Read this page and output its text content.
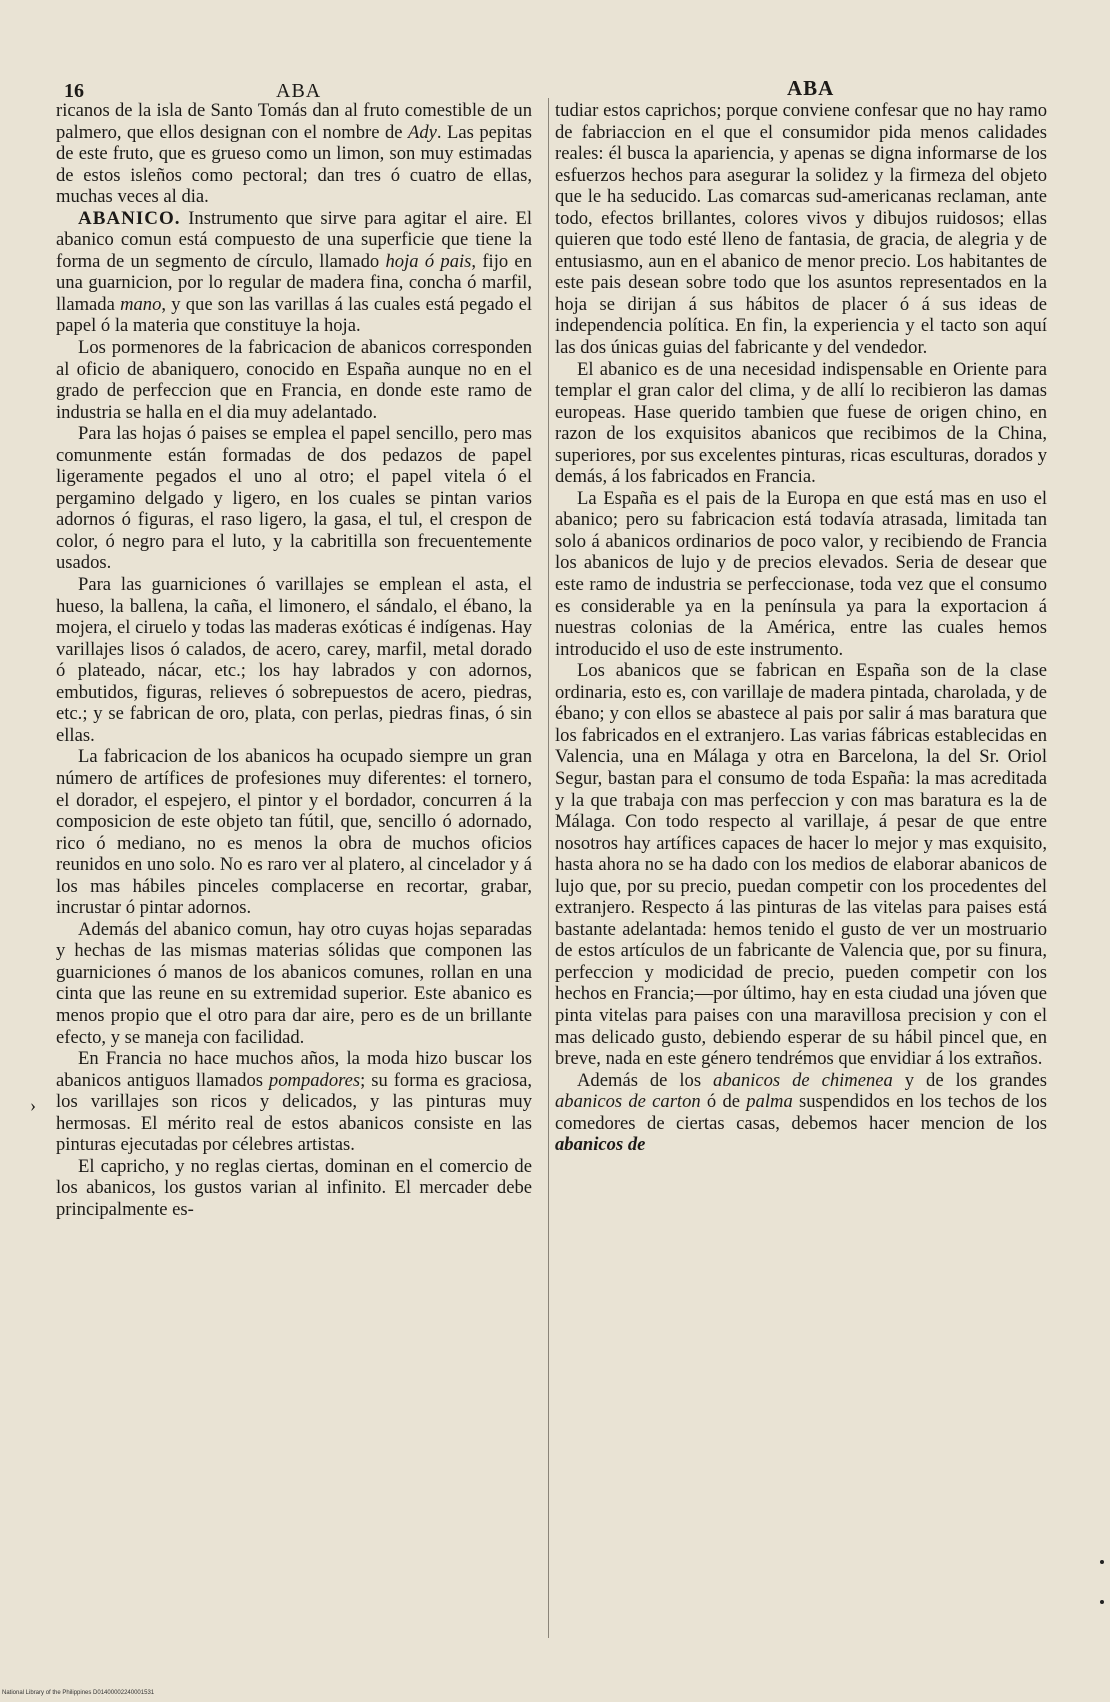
16	ABA	ABA

ricanos de la isla de Santo Tomás dan al fruto comestible de un palmero, que ellos designan con el nombre de Ady. Las pepitas de este fruto, que es grueso como un limon, son muy estimadas de estos isleños como pectoral; dan tres ó cuatro de ellas, muchas veces al dia.

ABANICO. Instrumento que sirve para agitar el aire. El abanico comun está compuesto de una superficie que tiene la forma de un segmento de círculo, llamado hoja ó pais, fijo en una guarnicion, por lo regular de madera fina, concha ó marfil, llamada mano, y que son las varillas á las cuales está pegado el papel ó la materia que constituye la hoja.

Los pormenores de la fabricacion de abanicos corresponden al oficio de abaniquero, conocido en España aunque no en el grado de perfeccion que en Francia, en donde este ramo de industria se halla en el dia muy adelantado.

Para las hojas ó paises se emplea el papel sencillo, pero mas comunmente están formadas de dos pedazos de papel ligeramente pegados el uno al otro; el papel vitela ó el pergamino delgado y ligero, en los cuales se pintan varios adornos ó figuras, el raso ligero, la gasa, el tul, el crespon de color, ó negro para el luto, y la cabritilla son frecuentemente usados.

Para las guarniciones ó varillajes se emplean el asta, el hueso, la ballena, la caña, el limonero, el sándalo, el ébano, la mojera, el ciruelo y todas las maderas exóticas é indígenas. Hay varillajes lisos ó calados, de acero, carey, marfil, metal dorado ó plateado, nácar, etc.; los hay labrados y con adornos, embutidos, figuras, relieves ó sobrepuestos de acero, piedras, etc.; y se fabrican de oro, plata, con perlas, piedras finas, ó sin ellas.

La fabricacion de los abanicos ha ocupado siempre un gran número de artífices de profesiones muy diferentes: el tornero, el dorador, el espejero, el pintor y el bordador, concurren á la composicion de este objeto tan fútil, que, sencillo ó adornado, rico ó mediano, no es menos la obra de muchos oficios reunidos en uno solo. No es raro ver al platero, al cincelador y á los mas hábiles pinceles complacerse en recortar, grabar, incrustar ó pintar adornos.

Además del abanico comun, hay otro cuyas hojas separadas y hechas de las mismas materias sólidas que componen las guarniciones ó manos de los abanicos comunes, rollan en una cinta que las reune en su extremidad superior. Este abanico es menos propio que el otro para dar aire, pero es de un brillante efecto, y se maneja con facilidad.

En Francia no hace muchos años, la moda hizo buscar los abanicos antiguos llamados pompadores; su forma es graciosa, los varillajes son ricos y delicados, y las pinturas muy hermosas. El mérito real de estos abanicos consiste en las pinturas ejecutadas por célebres artistas.

El capricho, y no reglas ciertas, dominan en el comercio de los abanicos, los gustos varian al infinito. El mercader debe principalmente es-

tudiar estos caprichos; porque conviene confesar que no hay ramo de fabriaccion en el que el consumidor pida menos calidades reales: él busca la apariencia, y apenas se digna informarse de los esfuerzos hechos para asegurar la solidez y la firmeza del objeto que le ha seducido. Las comarcas sud-americanas reclaman, ante todo, efectos brillantes, colores vivos y dibujos ruidosos; ellas quieren que todo esté lleno de fantasia, de gracia, de alegria y de entusiasmo, aun en el abanico de menor precio. Los habitantes de este pais desean sobre todo que los asuntos representados en la hoja se dirijan á sus hábitos de placer ó á sus ideas de independencia política. En fin, la experiencia y el tacto son aquí las dos únicas guias del fabricante y del vendedor.

El abanico es de una necesidad indispensable en Oriente para templar el gran calor del clima, y de allí lo recibieron las damas europeas. Hase querido tambien que fuese de origen chino, en razon de los exquisitos abanicos que recibimos de la China, superiores, por sus excelentes pinturas, ricas esculturas, dorados y demás, á los fabricados en Francia.

La España es el pais de la Europa en que está mas en uso el abanico; pero su fabricacion está todavía atrasada, limitada tan solo á abanicos ordinarios de poco valor, y recibiendo de Francia los abanicos de lujo y de precios elevados. Seria de desear que este ramo de industria se perfeccionase, toda vez que el consumo es considerable ya en la península ya para la exportacion á nuestras colonias de la América, entre las cuales hemos introducido el uso de este instrumento.

Los abanicos que se fabrican en España son de la clase ordinaria, esto es, con varillaje de madera pintada, charolada, y de ébano; y con ellos se abastece al pais por salir á mas baratura que los fabricados en el extranjero. Las varias fábricas establecidas en Valencia, una en Málaga y otra en Barcelona, la del Sr. Oriol Segur, bastan para el consumo de toda España: la mas acreditada y la que trabaja con mas perfeccion y con mas baratura es la de Málaga. Con todo respecto al varillaje, á pesar de que entre nosotros hay artífices capaces de hacer lo mejor y mas exquisito, hasta ahora no se ha dado con los medios de elaborar abanicos de lujo que, por su precio, puedan competir con los procedentes del extranjero. Respecto á las pinturas de las vitelas para paises está bastante adelantada: hemos tenido el gusto de ver un mostruario de estos artículos de un fabricante de Valencia que, por su finura, perfeccion y modicidad de precio, pueden competir con los hechos en Francia;—por último, hay en esta ciudad una jóven que pinta vitelas para paises con una maravillosa precision y con el mas delicado gusto, debiendo esperar de su hábil pincel que, en breve, nada en este género tendrémos que envidiar á los extraños.

Además de los abanicos de chimenea y de los grandes abanicos de carton ó de palma suspendidos en los techos de los comedores de ciertas casas, debemos hacer mencion de los abanicos de

›
National Library of the Philippines D01400002240001531
